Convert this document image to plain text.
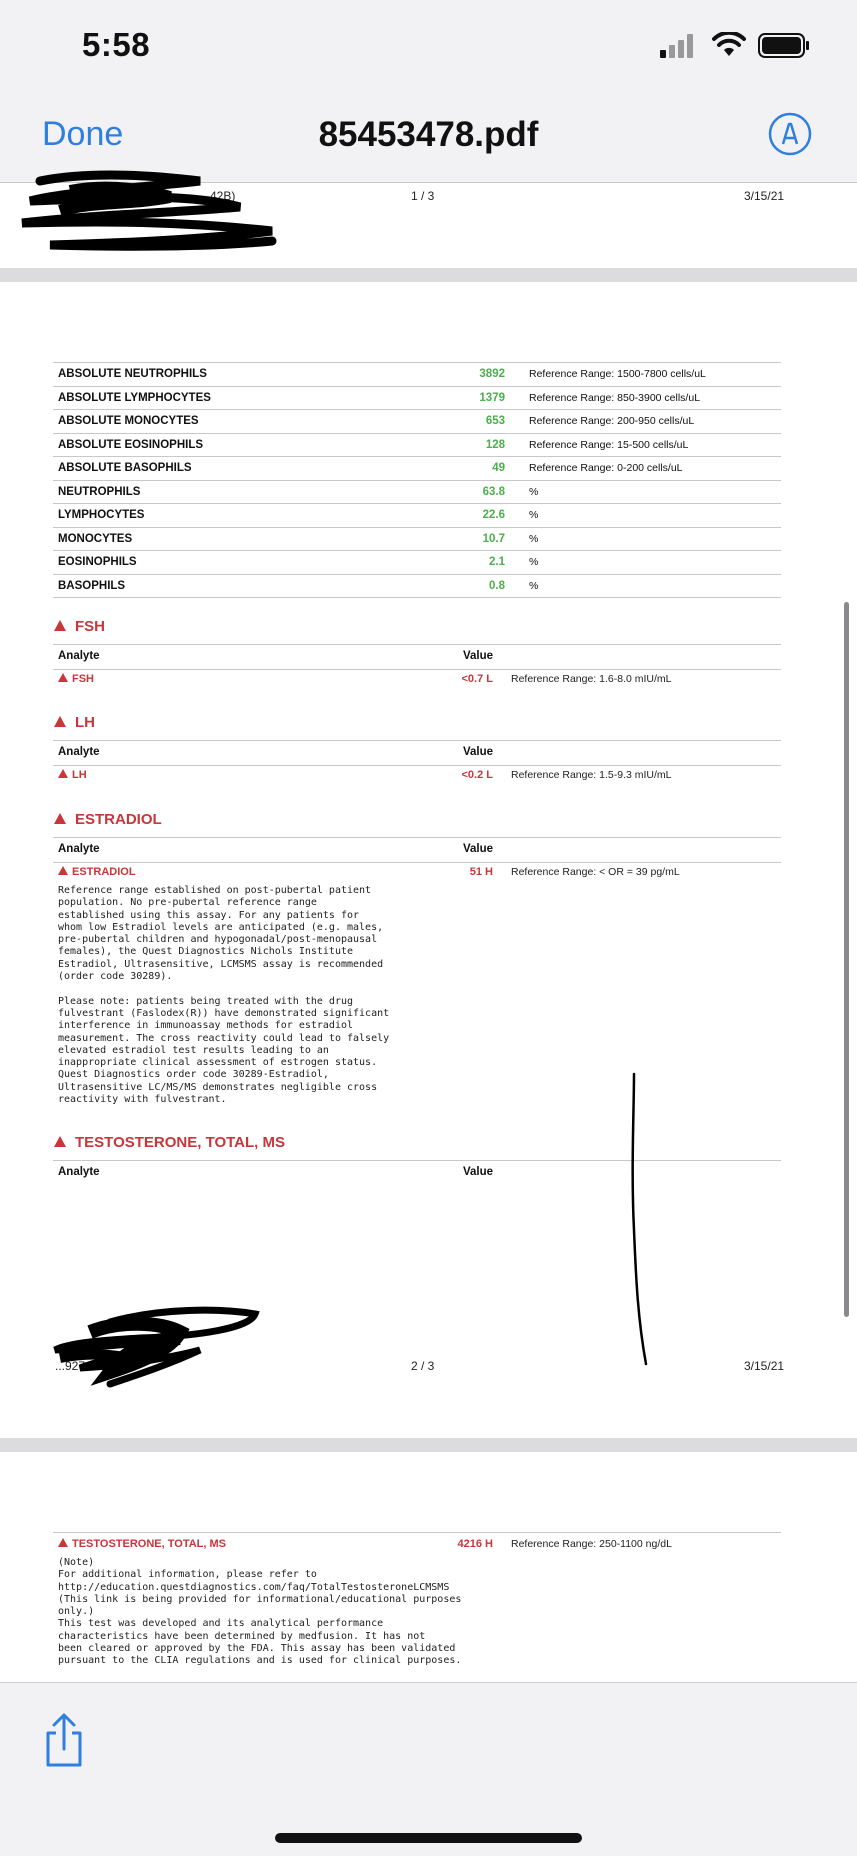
5:58
Done	85453478.pdf
...42B)	1 / 3	3/15/21
ABSOLUTE NEUTROPHILS	3892	Reference Range: 1500-7800 cells/uL
ABSOLUTE LYMPHOCYTES	1379	Reference Range: 850-3900 cells/uL
ABSOLUTE MONOCYTES	653	Reference Range: 200-950 cells/uL
ABSOLUTE EOSINOPHILS	128	Reference Range: 15-500 cells/uL
ABSOLUTE BASOPHILS	49	Reference Range: 0-200 cells/uL
NEUTROPHILS	63.8	%
LYMPHOCYTES	22.6	%
MONOCYTES	10.7	%
EOSINOPHILS	2.1	%
BASOPHILS	0.8	%
FSH
Analyte	Value
FSH	<0.7 L Reference Range: 1.6-8.0 mIU/mL
LH
Analyte	Value
LH	<0.2 L Reference Range: 1.5-9.3 mIU/mL
ESTRADIOL
Analyte	Value
ESTRADIOL	51 H Reference Range: < OR = 39 pg/mL
Reference range established on post-pubertal patient
population. No pre-pubertal reference range
established using this assay. For any patients for
whom low Estradiol levels are anticipated (e.g. males,
pre-pubertal children and hypogonadal/post-menopausal
females), the Quest Diagnostics Nichols Institute
Estradiol, Ultrasensitive, LCMSMS assay is recommended
(order code 30289).

Please note: patients being treated with the drug
fulvestrant (Faslodex(R)) have demonstrated significant
interference in immunoassay methods for estradiol
measurement. The cross reactivity could lead to falsely
elevated estradiol test results leading to an
inappropriate clinical assessment of estrogen status.
Quest Diagnostics order code 30289-Estradiol,
Ultrasensitive LC/MS/MS demonstrates negligible cross
reactivity with fulvestrant.
TESTOSTERONE, TOTAL, MS
Analyte	Value
...927142B)	2 / 3	3/15/21
TESTOSTERONE, TOTAL, MS	4216 H Reference Range: 250-1100 ng/dL
(Note)
For additional information, please refer to
http://education.questdiagnostics.com/faq/TotalTestosteroneLCMSMS
(This link is being provided for informational/educational purposes
only.)
This test was developed and its analytical performance
characteristics have been determined by medfusion. It has not
been cleared or approved by the FDA. This assay has been validated
pursuant to the CLIA regulations and is used for clinical purposes.
